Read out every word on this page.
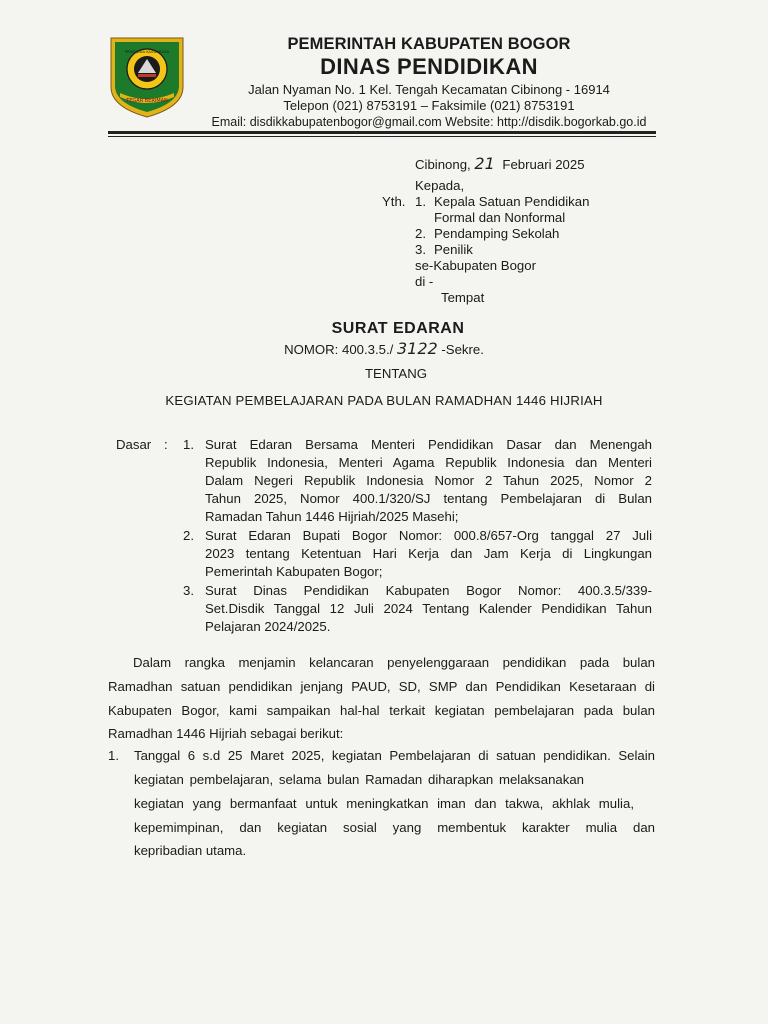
TEGAR BERIMAN
PRAYOJANA KASWARAGA	PEMERINTAH KABUPATEN BOGOR
DINAS PENDIDIKAN
Jalan Nyaman No. 1 Kel. Tengah Kecamatan Cibinong - 16914
Telepon (021) 8753191 – Faksimile (021) 8753191
Email: disdikkabupatenbogor@gmail.com Website: http://disdik.bogorkab.go.id
Cibinong, 21 Februari 2025
Kepada,
Yth. 1. Kepala Satuan Pendidikan
Formal dan Nonformal
2. Pendamping Sekolah
3. Penilik
se-Kabupaten Bogor
di -
Tempat
SURAT EDARAN
NOMOR: 400.3.5./ 3122 -Sekre.
TENTANG
KEGIATAN PEMBELAJARAN PADA BULAN RAMADHAN 1446 HIJRIAH
Dasar : 1. Surat Edaran Bersama Menteri Pendidikan Dasar dan Menengah
Republik Indonesia, Menteri Agama Republik Indonesia dan Menteri
Dalam Negeri Republik Indonesia Nomor 2 Tahun 2025, Nomor 2
Tahun 2025, Nomor 400.1/320/SJ tentang Pembelajaran di Bulan
Ramadan Tahun 1446 Hijriah/2025 Masehi;
2. Surat Edaran Bupati Bogor Nomor: 000.8/657-Org tanggal 27 Juli
2023 tentang Ketentuan Hari Kerja dan Jam Kerja di Lingkungan
Pemerintah Kabupaten Bogor;
3. Surat Dinas Pendidikan Kabupaten Bogor Nomor: 400.3.5/339-
Set.Disdik Tanggal 12 Juli 2024 Tentang Kalender Pendidikan Tahun
Pelajaran 2024/2025.
Dalam rangka menjamin kelancaran penyelenggaraan pendidikan pada bulan
Ramadhan satuan pendidikan jenjang PAUD, SD, SMP dan Pendidikan Kesetaraan di
Kabupaten Bogor, kami sampaikan hal-hal terkait kegiatan pembelajaran pada bulan
Ramadhan 1446 Hijriah sebagai berikut:
1. Tanggal 6 s.d 25 Maret 2025, kegiatan Pembelajaran di satuan pendidikan. Selain
kegiatan pembelajaran, selama bulan Ramadan diharapkan melaksanakan
kegiatan yang bermanfaat untuk meningkatkan iman dan takwa, akhlak mulia,
kepemimpinan, dan kegiatan sosial yang membentuk karakter mulia dan
kepribadian utama.
